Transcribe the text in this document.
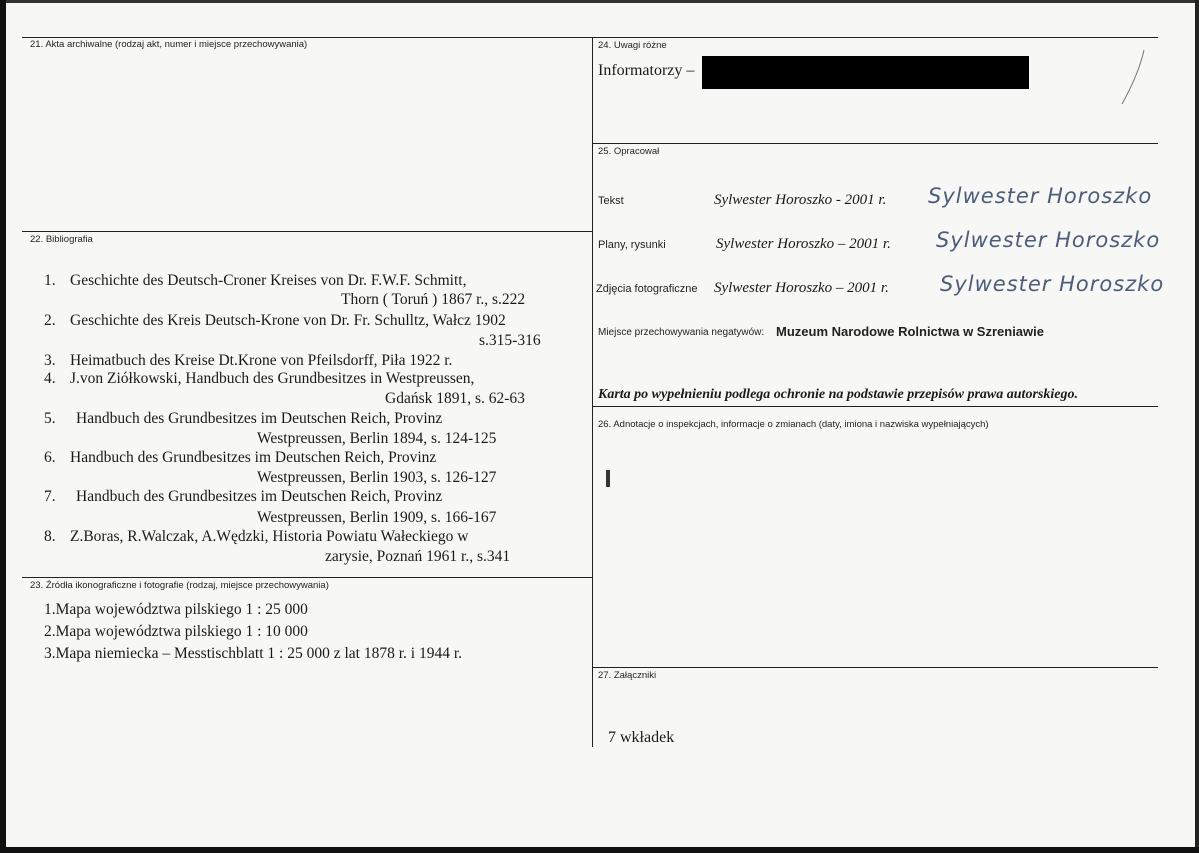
21. Akta archiwalne (rodzaj akt, numer i miejsce przechowywania)
22. Bibliografia
1. Geschichte des Deutsch-Croner Kreises von Dr. F.W.F. Schmitt,
Thorn ( Toruń ) 1867 r., s.222
2. Geschichte des Kreis Deutsch-Krone von Dr. Fr. Schulltz, Wałcz 1902
s.315-316
3. Heimatbuch des Kreise Dt.Krone von Pfeilsdorff, Piła 1922 r.
4. J.von Ziółkowski, Handbuch des Grundbesitzes in Westpreussen,
Gdańsk 1891, s. 62-63
5. Handbuch des Grundbesitzes im Deutschen Reich, Provinz
Westpreussen, Berlin 1894, s. 124-125
6. Handbuch des Grundbesitzes im Deutschen Reich, Provinz
Westpreussen, Berlin 1903, s. 126-127
7. Handbuch des Grundbesitzes im Deutschen Reich, Provinz
Westpreussen, Berlin 1909, s. 166-167
8. Z.Boras, R.Walczak, A.Wędzki, Historia Powiatu Wałeckiego w
zarysie, Poznań 1961 r., s.341
23. Źródła ikonograficzne i fotografie (rodzaj, miejsce przechowywania)
1.Mapa województwa pilskiego 1 : 25 000
2.Mapa województwa pilskiego 1 : 10 000
3.Mapa niemiecka – Messtischblatt 1 : 25 000 z lat 1878 r. i 1944 r.
24. Uwagi różne
Informatorzy –
25. Opracował
Tekst	Sylwester Horoszko - 2001 r. Sylwester Horoszko
Plany, rysunki	Sylwester Horoszko – 2001 r. Sylwester Horoszko
Zdjęcia fotograficzne Sylwester Horoszko – 2001 r. Sylwester Horoszko
Miejsce przechowywania negatywów: Muzeum Narodowe Rolnictwa w Szreniawie
Karta po wypełnieniu podlega ochronie na podstawie przepisów prawa autorskiego.
26. Adnotacje o inspekcjach, informacje o zmianach (daty, imiona i nazwiska wypełniających)
27. Załączniki
7 wkładek
